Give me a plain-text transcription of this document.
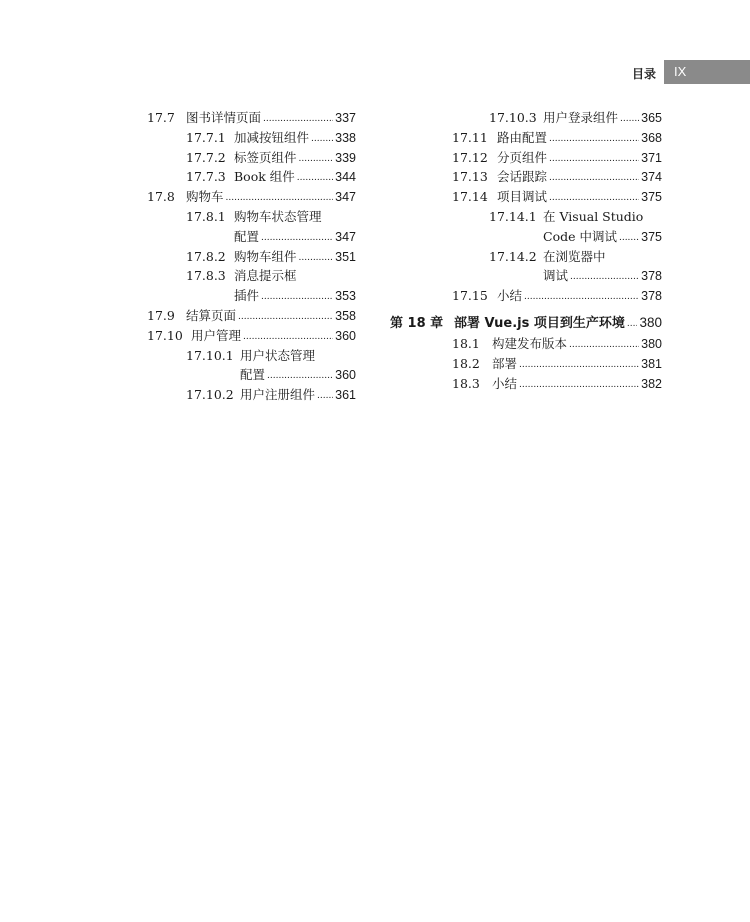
目录	IX
17.7 图书详情页面 .....	337
17.7.1 加减按钮组件 ..... 338
17.7.2 标签页组件 .....	339
17.7.3 Book 组件 .....	344
17.8 购物车 .....	347
17.8.1 购物车状态管理
配置 .....	347
17.8.2 购物车组件 .....	351
17.8.3 消息提示框
插件 .....	353
17.9 结算页面 .....	358
17.10 用户管理 .....	360
17.10.1 用户状态管理
配置 .....	360
17.10.2 用户注册组件 ..... 361
17.10.3 用户登录组件 ..... 365
17.11 路由配置 .....	368
17.12 分页组件 .....	371
17.13 会话跟踪 .....	374
17.14 项目调试 .....	375
17.14.1 在 Visual Studio
Code 中调试 ..... 375
17.14.2 在浏览器中
调试 .....	378
17.15 小结 .....	378
第 18 章 部署 Vue.js 项目到生产环境 ..... 380
18.1 构建发布版本 .....	380
18.2 部署 .....	381
18.3 小结 .....	382
